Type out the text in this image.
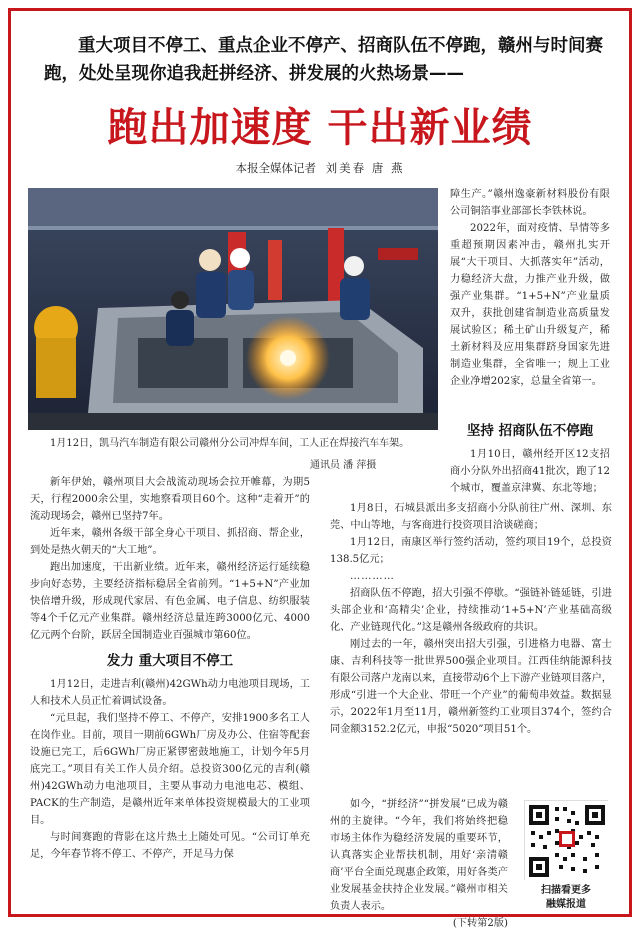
重大项目不停工、重点企业不停产、招商队伍不停跑，赣州与时间赛跑，处处呈现你追我赶拼经济、拼发展的火热场景——
跑出加速度 干出新业绩
本报全媒体记者 刘美春 唐 燕
1月12日，凯马汽车制造有限公司赣州分公司冲焊车间，工人正在焊接汽车车架。
通讯员 潘 萍摄

新年伊始，赣州项目大会战流动现场会拉开帷幕，为期5天，行程2000余公里，实地察看项目60个。这种“走着开”的流动现场会，赣州已坚持7年。

近年来，赣州各级干部全身心干项目、抓招商、帮企业，到处是热火朝天的“大工地”。

跑出加速度，干出新业绩。近年来，赣州经济运行延续稳步向好态势，主要经济指标稳居全省前列。“1+5+N”产业加快倍增升级，形成现代家居、有色金属、电子信息、纺织服装等4个千亿元产业集群。赣州经济总量连跨3000亿元、4000亿元两个台阶，跃居全国制造业百强城市第60位。

发力 重大项目不停工

1月12日，走进吉利(赣州)42GWh动力电池项目现场，工人和技术人员正忙着调试设备。

“元旦起，我们坚持不停工、不停产，安排1900多名工人在岗作业。目前，项目一期前6GWh厂房及办公、住宿等配套设施已完工，后6GWh厂房正紧锣密鼓地施工，计划今年5月底完工。”项目有关工作人员介绍。总投资300亿元的吉利(赣州)42GWh动力电池项目，主要从事动力电池电芯、模组、PACK的生产制造，是赣州近年来单体投资规模最大的工业项目。

与时间赛跑的背影在这片热土上随处可见。“公司订单充足，今年春节将不停工、不停产，开足马力保

障生产。”赣州逸豪新材料股份有限公司铜箔事业部部长李铁林说。

2022年，面对疫情、旱情等多重超预期因素冲击，赣州扎实开展“大干项目、大抓落实年”活动，力稳经济大盘，力推产业升级，做强产业集群。“1+5+N”产业量质双升，获批创建省制造业高质量发展试验区；稀土矿山升级复产，稀土新材料及应用集群跻身国家先进制造业集群，全省唯一；规上工业企业净增202家，总量全省第一。

坚持 招商队伍不停跑

1月10日，赣州经开区12支招商小分队外出招商41批次，跑了12个城市，覆盖京津冀、东北等地；

1月8日，石城县派出多支招商小分队前往广州、深圳、东莞、中山等地，与客商进行投资项目洽谈磋商；

1月12日，南康区举行签约活动，签约项目19个，总投资138.5亿元；

…………

招商队伍不停跑，招大引强不停歇。“强链补链延链，引进头部企业和‘高精尖’企业，持续推动‘1+5+N’产业基础高级化、产业链现代化。”这是赣州各级政府的共识。

刚过去的一年，赣州突出招大引强，引进格力电器、富士康、吉利科技等一批世界500强企业项目。江西佳纳能源科技有限公司落户龙南以来，直接带动6个上下游产业链项目落户，形成“引进一个大企业、带旺一个产业”的葡萄串效益。数据显示，2022年1月至11月，赣州新签约工业项目374个，签约合同金额3152.2亿元，申报“5020”项目51个。

如今，“拼经济”“拼发展”已成为赣州的主旋律。“今年，我们将始终把稳市场主体作为稳经济发展的重要环节，认真落实企业帮扶机制，用好‘亲清赣商’平台全面兑现惠企政策，用好各类产业发展基金扶持企业发展。”赣州市相关负责人表示。

(下转第2版)

扫描看更多
融媒报道
